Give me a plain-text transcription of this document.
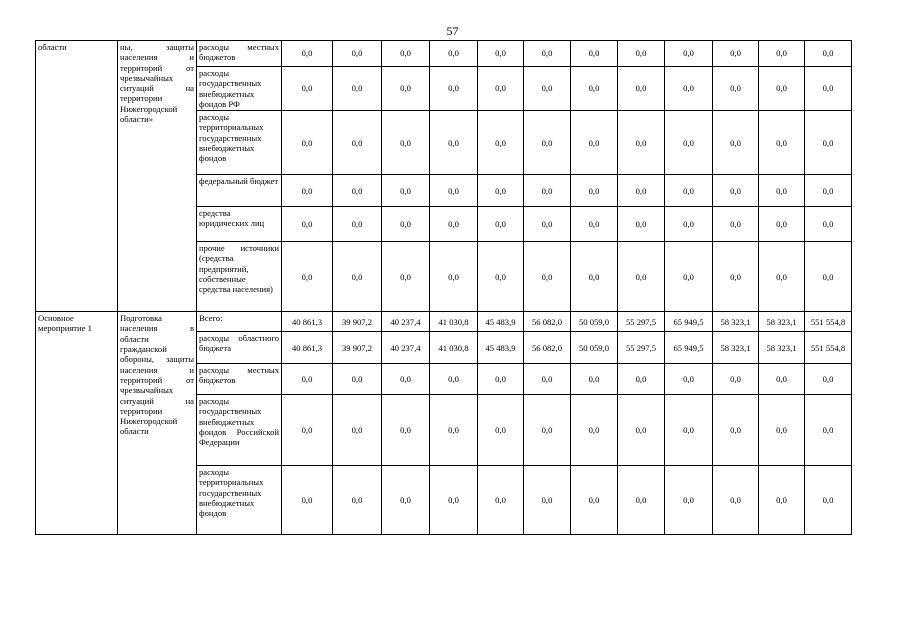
57
области	ны, защиты населения и территорий от чрезвычайных ситуаций на территории Нижегородской области»	расходы местных бюджетов	0,0	0,0	0,0	0,0	0,0	0,0	0,0	0,0	0,0	0,0	0,0	0,0
		расходы государственных внебюджетных фондов РФ	0,0	0,0	0,0	0,0	0,0	0,0	0,0	0,0	0,0	0,0	0,0	0,0
		расходы территориальных государственных внебюджетных фондов	0,0	0,0	0,0	0,0	0,0	0,0	0,0	0,0	0,0	0,0	0,0	0,0
		федеральный бюджет	0,0	0,0	0,0	0,0	0,0	0,0	0,0	0,0	0,0	0,0	0,0	0,0
		средства юридических лиц	0,0	0,0	0,0	0,0	0,0	0,0	0,0	0,0	0,0	0,0	0,0	0,0
		прочие источники (средства предприятий, собственные средства населения)	0,0	0,0	0,0	0,0	0,0	0,0	0,0	0,0	0,0	0,0	0,0	0,0
Основное мероприятие 1	Подготовка населения в области гражданской обороны, защиты населения и территорий от чрезвычайных ситуаций на территории Нижегородской области	Всего:	40 861,3	39 907,2	40 237,4	41 030,8	45 483,9	56 082,0	50 059,0	55 297,5	65 949,5	58 323,1	58 323,1	551 554,8
		расходы областного бюджета	40 861,3	39 907,2	40 237,4	41 030,8	45 483,9	56 082,0	50 059,0	55 297,5	65 949,5	58 323,1	58 323,1	551 554,8
		расходы местных бюджетов	0,0	0,0	0,0	0,0	0,0	0,0	0,0	0,0	0,0	0,0	0,0	0,0
		расходы государственных внебюджетных фондов Российской Федерации	0,0	0,0	0,0	0,0	0,0	0,0	0,0	0,0	0,0	0,0	0,0	0,0
		расходы территориальных государственных внебюджетных фондов	0,0	0,0	0,0	0,0	0,0	0,0	0,0	0,0	0,0	0,0	0,0	0,0
